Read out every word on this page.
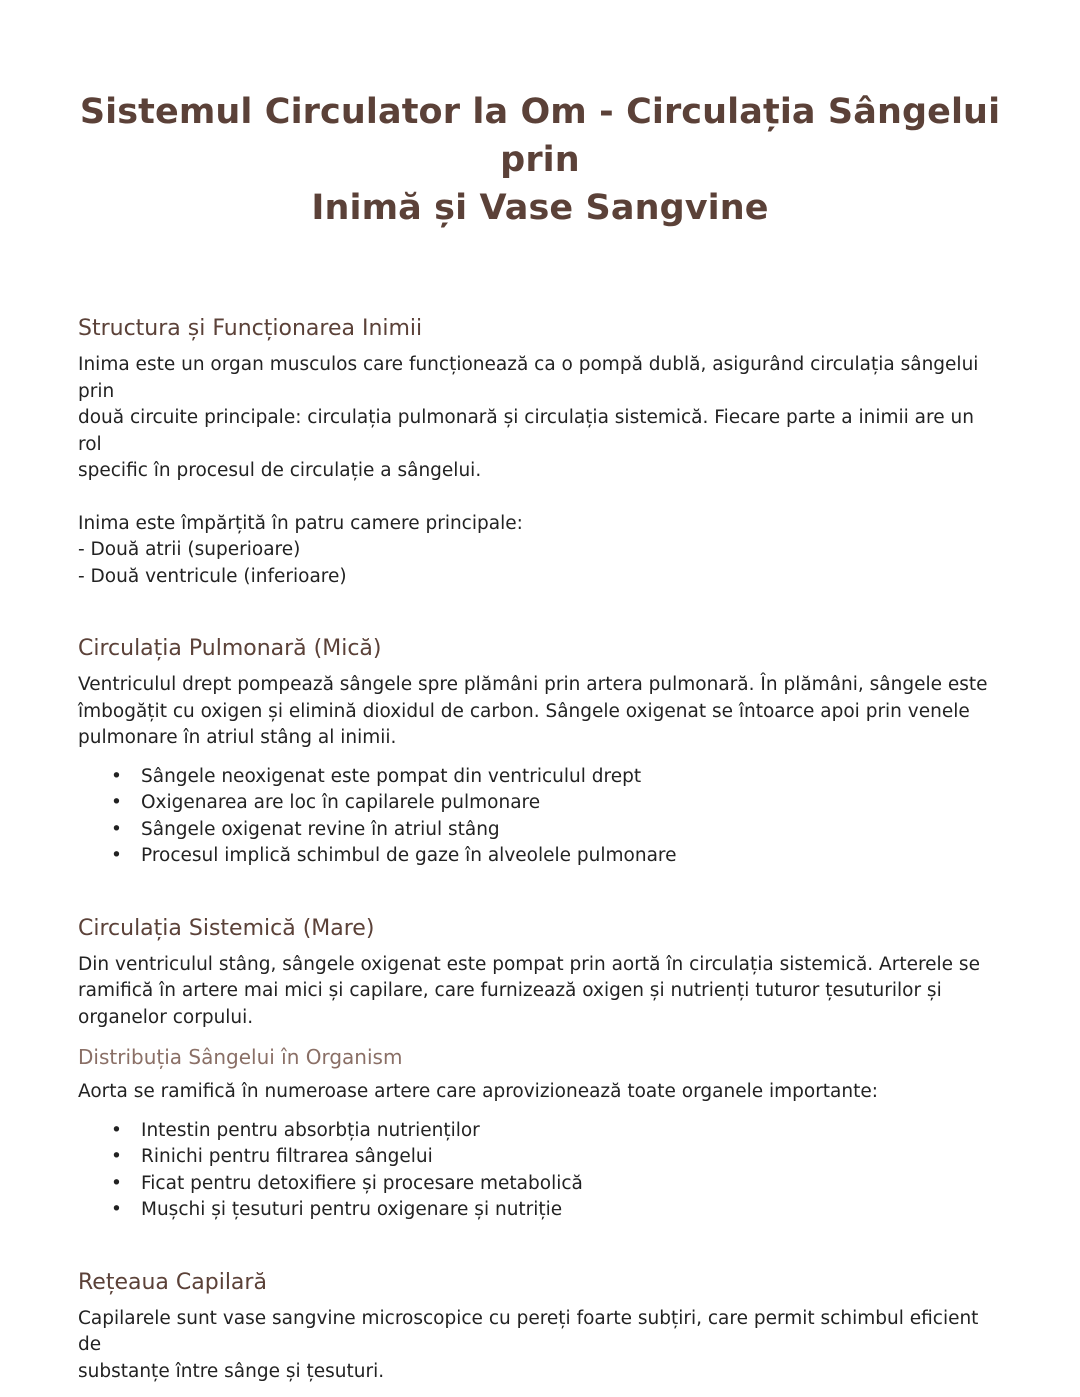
Sistemul Circulator la Om - Circulația Sângelui prin
Inimă și Vase Sangvine
Structura și Funcționarea Inimii

Inima este un organ musculos care funcționează ca o pompă dublă, asigurând circulația sângelui prin
două circuite principale: circulația pulmonară și circulația sistemică. Fiecare parte a inimii are un rol
specific în procesul de circulație a sângelui.

Inima este împărțită în patru camere principale:
- Două atrii (superioare)
- Două ventricule (inferioare)

Circulația Pulmonară (Mică)

Ventriculul drept pompează sângele spre plămâni prin artera pulmonară. În plămâni, sângele este
îmbogățit cu oxigen și elimină dioxidul de carbon. Sângele oxigenat se întoarce apoi prin venele
pulmonare în atriul stâng al inimii.

• Sângele neoxigenat este pompat din ventriculul drept
• Oxigenarea are loc în capilarele pulmonare
• Sângele oxigenat revine în atriul stâng
• Procesul implică schimbul de gaze în alveolele pulmonare
Circulația Sistemică (Mare)

Din ventriculul stâng, sângele oxigenat este pompat prin aortă în circulația sistemică. Arterele se
ramifică în artere mai mici și capilare, care furnizează oxigen și nutrienți tuturor țesuturilor și
organelor corpului.

Distribuția Sângelui în Organism

Aorta se ramifică în numeroase artere care aprovizionează toate organele importante:

• Intestin pentru absorbția nutrienților
• Rinichi pentru filtrarea sângelui
• Ficat pentru detoxifiere și procesare metabolică
• Mușchi și țesuturi pentru oxigenare și nutriție
Rețeaua Capilară

Capilarele sunt vase sangvine microscopice cu pereți foarte subțiri, care permit schimbul eficient de
substanțe între sânge și țesuturi.
